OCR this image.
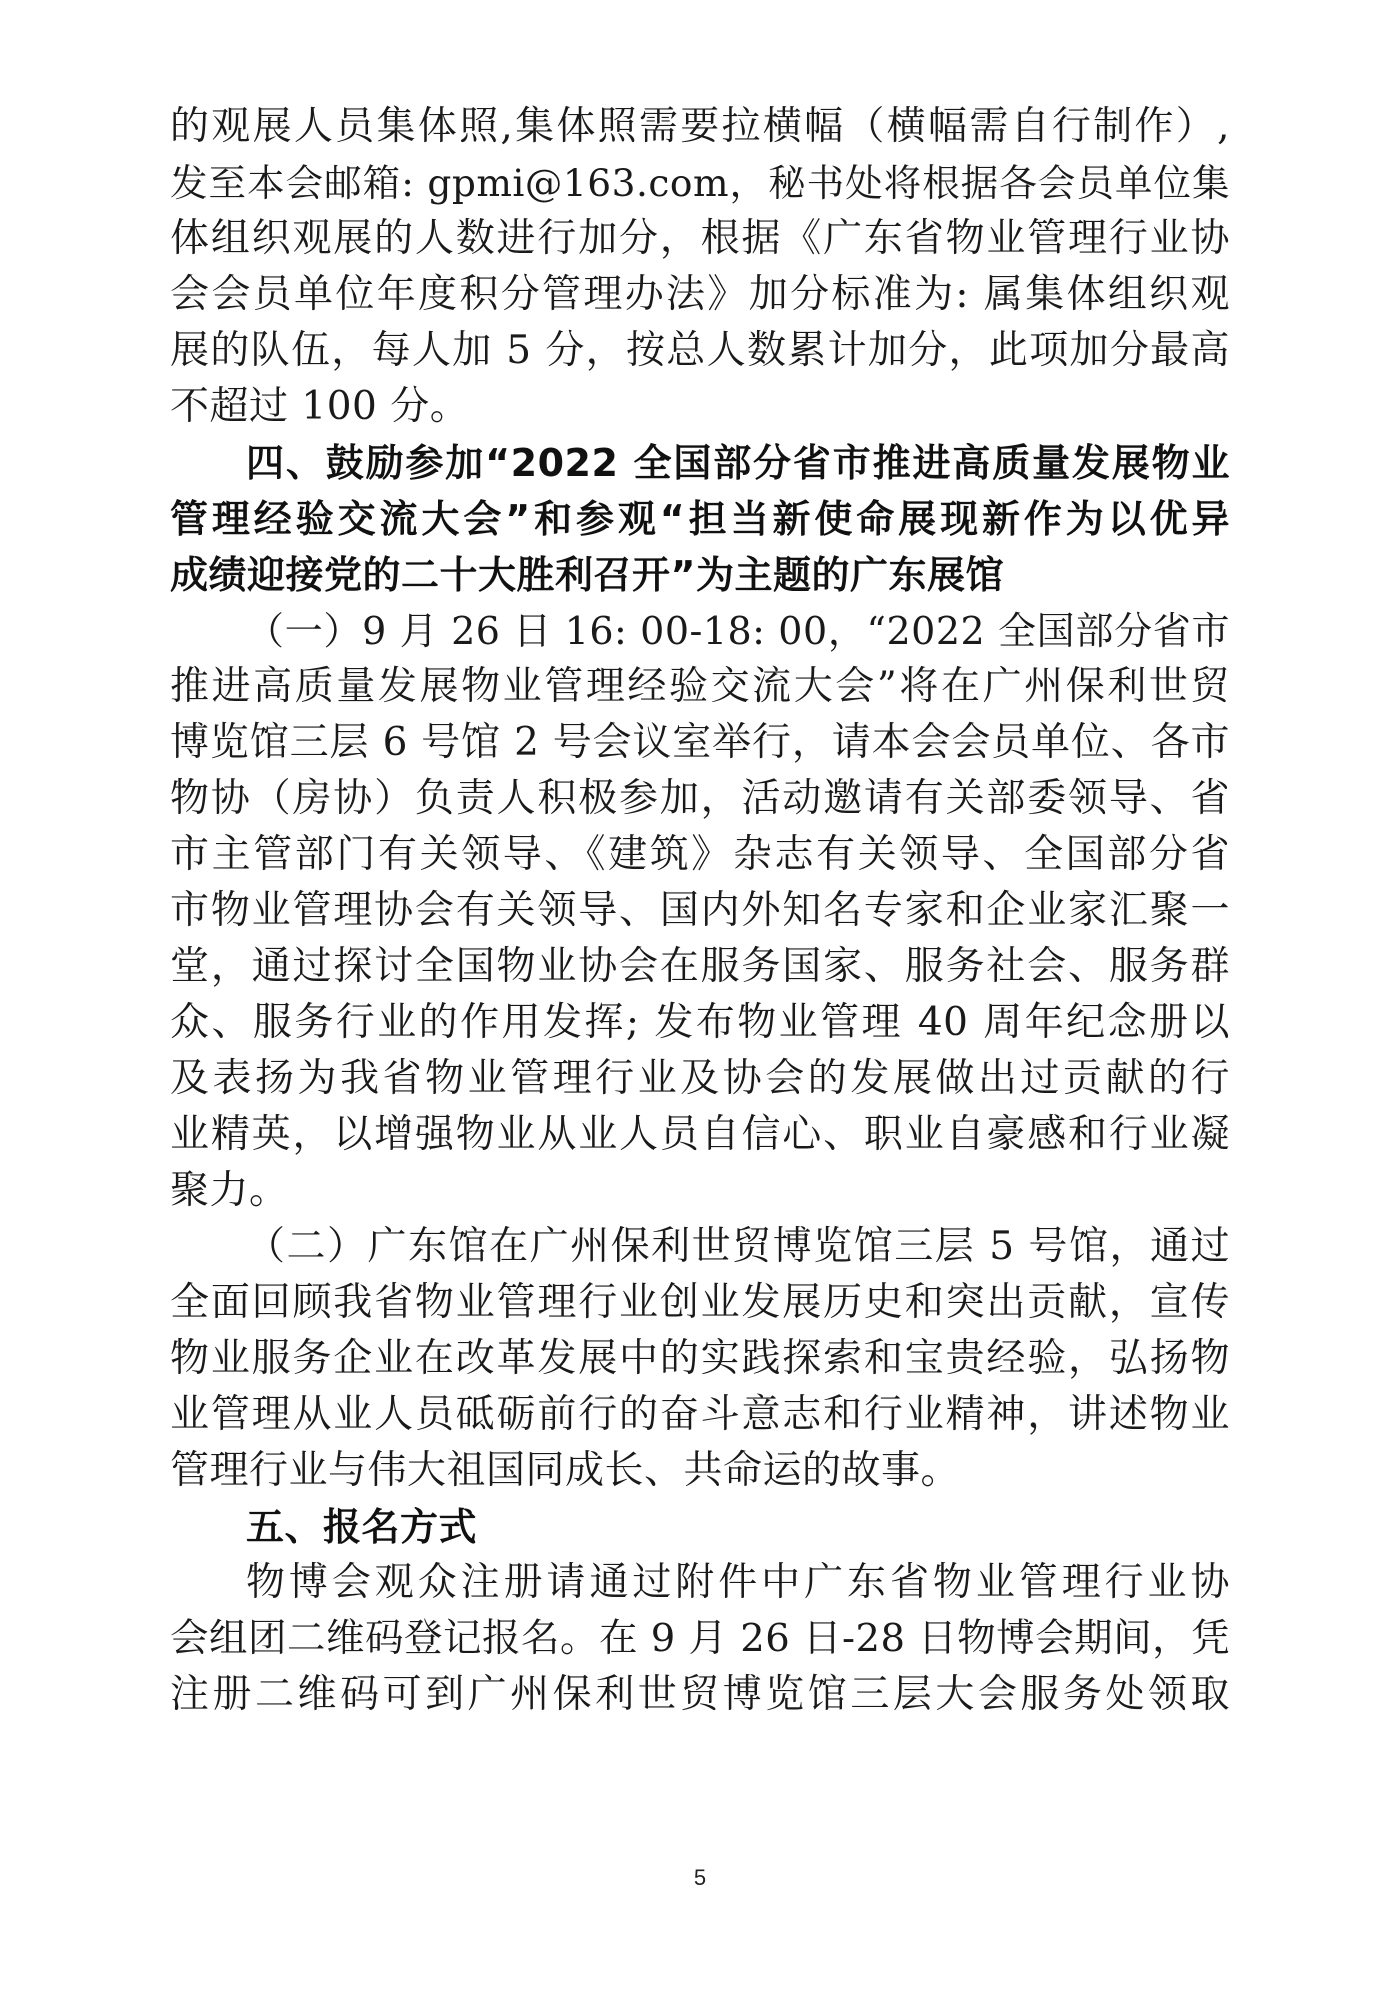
的观展人员集体照,集体照需要拉横幅（横幅需自行制作）,
发至本会邮箱: gpmi@163.com，秘书处将根据各会员单位集
体组织观展的人数进行加分，根据《广东省物业管理行业协
会会员单位年度积分管理办法》加分标准为: 属集体组织观
展的队伍，每人加 5 分，按总人数累计加分，此项加分最高
不超过 100 分。
四、鼓励参加“2022 全国部分省市推进高质量发展物业
管理经验交流大会”和参观“担当新使命展现新作为以优异
成绩迎接党的二十大胜利召开”为主题的广东展馆
（一）9 月 26 日 16: 00-18: 00，“2022 全国部分省市
推进高质量发展物业管理经验交流大会”将在广州保利世贸
博览馆三层 6 号馆 2 号会议室举行，请本会会员单位、各市
物协（房协）负责人积极参加，活动邀请有关部委领导、省
市主管部门有关领导、《建筑》杂志有关领导、全国部分省
市物业管理协会有关领导、国内外知名专家和企业家汇聚一
堂，通过探讨全国物业协会在服务国家、服务社会、服务群
众、服务行业的作用发挥; 发布物业管理 40 周年纪念册以
及表扬为我省物业管理行业及协会的发展做出过贡献的行
业精英，以增强物业从业人员自信心、职业自豪感和行业凝
聚力。
（二）广东馆在广州保利世贸博览馆三层 5 号馆，通过
全面回顾我省物业管理行业创业发展历史和突出贡献，宣传
物业服务企业在改革发展中的实践探索和宝贵经验，弘扬物
业管理从业人员砥砺前行的奋斗意志和行业精神，讲述物业
管理行业与伟大祖国同成长、共命运的故事。
五、报名方式
物博会观众注册请通过附件中广东省物业管理行业协
会组团二维码登记报名。在 9 月 26 日-28 日物博会期间，凭
注册二维码可到广州保利世贸博览馆三层大会服务处领取
5
